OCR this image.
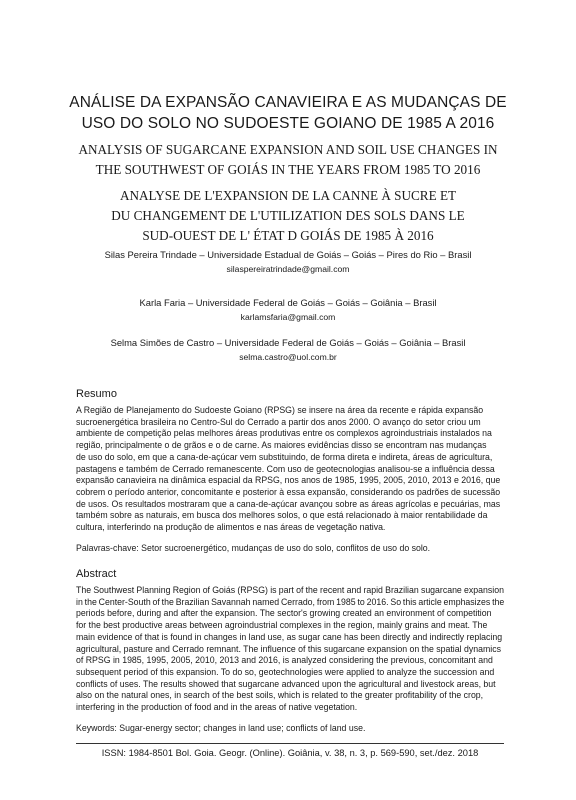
ANÁLISE DA EXPANSÃO CANAVIEIRA E AS MUDANÇAS DE
USO DO SOLO NO SUDOESTE GOIANO DE 1985 A 2016
ANALYSIS OF SUGARCANE EXPANSION AND SOIL USE CHANGES IN
THE SOUTHWEST OF GOIÁS IN THE YEARS FROM 1985 TO 2016
ANALYSE DE L'EXPANSION DE LA CANNE À SUCRE ET
DU CHANGEMENT DE L'UTILIZATION DES SOLS DANS LE
SUD-OUEST DE L' ÉTAT D GOIÁS DE 1985 À 2016
Silas Pereira Trindade – Universidade Estadual de Goiás – Goiás – Pires do Rio – Brasil
silaspereiratrindade@gmail.com
Karla Faria – Universidade Federal de Goiás – Goiás – Goiânia – Brasil
karlamsfaria@gmail.com
Selma Simões de Castro – Universidade Federal de Goiás – Goiás – Goiânia – Brasil
selma.castro@uol.com.br
Resumo
A Região de Planejamento do Sudoeste Goiano (RPSG) se insere na área da recente e rápida expansão
sucroenergética brasileira no Centro-Sul do Cerrado a partir dos anos 2000. O avanço do setor criou um
ambiente de competição pelas melhores áreas produtivas entre os complexos agroindustriais instalados na
região, principalmente o de grãos e o de carne. As maiores evidências disso se encontram nas mudanças
de uso do solo, em que a cana-de-açúcar vem substituindo, de forma direta e indireta, áreas de agricultura,
pastagens e também de Cerrado remanescente. Com uso de geotecnologias analisou-se a influência dessa
expansão canavieira na dinâmica espacial da RPSG, nos anos de 1985, 1995, 2005, 2010, 2013 e 2016, que
cobrem o período anterior, concomitante e posterior à essa expansão, considerando os padrões de sucessão
de usos. Os resultados mostraram que a cana-de-açúcar avançou sobre as áreas agrícolas e pecuárias, mas
também sobre as naturais, em busca dos melhores solos, o que está relacionado à maior rentabilidade da
cultura, interferindo na produção de alimentos e nas áreas de vegetação nativa.
Palavras-chave: Setor sucroenergético, mudanças de uso do solo, conflitos de uso do solo.
Abstract
The Southwest Planning Region of Goiás (RPSG) is part of the recent and rapid Brazilian sugarcane expansion
in the Center-South of the Brazilian Savannah named Cerrado, from 1985 to 2016. So this article emphasizes the
periods before, during and after the expansion. The sector's growing created an environment of competition
for the best productive areas between agroindustrial complexes in the region, mainly grains and meat. The
main evidence of that is found in changes in land use, as sugar cane has been directly and indirectly replacing
agricultural, pasture and Cerrado remnant. The influence of this sugarcane expansion on the spatial dynamics
of RPSG in 1985, 1995, 2005, 2010, 2013 and 2016, is analyzed considering the previous, concomitant and
subsequent period of this expansion. To do so, geotechnologies were applied to analyze the succession and
conflicts of uses. The results showed that sugarcane advanced upon the agricultural and livestock areas, but
also on the natural ones, in search of the best soils, which is related to the greater profitability of the crop,
interfering in the production of food and in the areas of native vegetation.
Keywords: Sugar-energy sector; changes in land use; conflicts of land use.
ISSN: 1984-8501 Bol. Goia. Geogr. (Online). Goiânia, v. 38, n. 3, p. 569-590, set./dez. 2018
